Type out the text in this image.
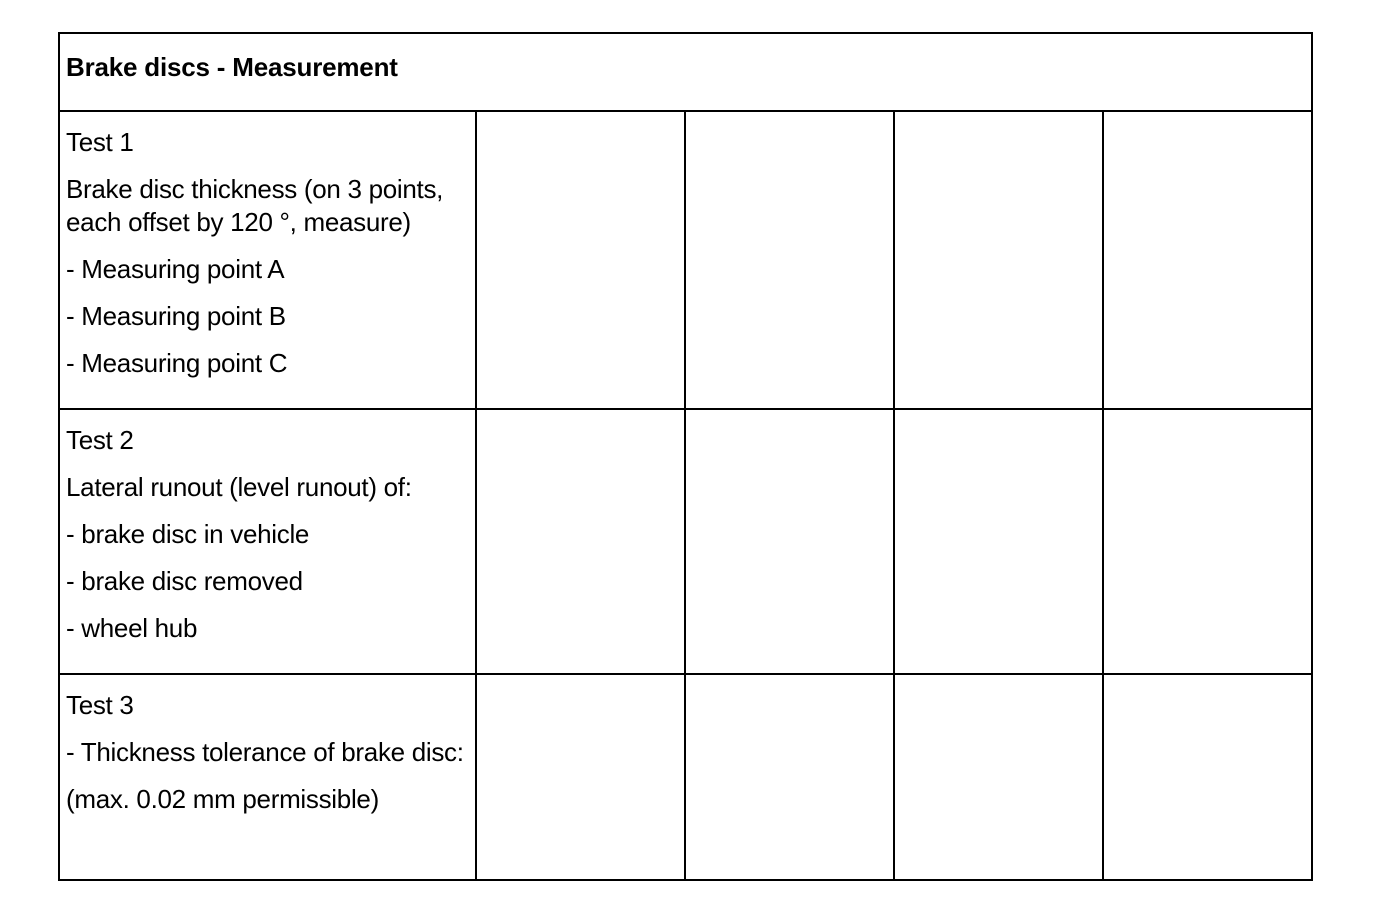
Brake discs - Measurement				

Test 1
Brake disc thickness (on 3 points, each offset by 120 °, measure)
- Measuring point A
- Measuring point B
- Measuring point C				

Test 2
Lateral runout (level runout) of:
- brake disc in vehicle
- brake disc removed
- wheel hub				

Test 3
- Thickness tolerance of brake disc:
(max. 0.02 mm permissible)				
